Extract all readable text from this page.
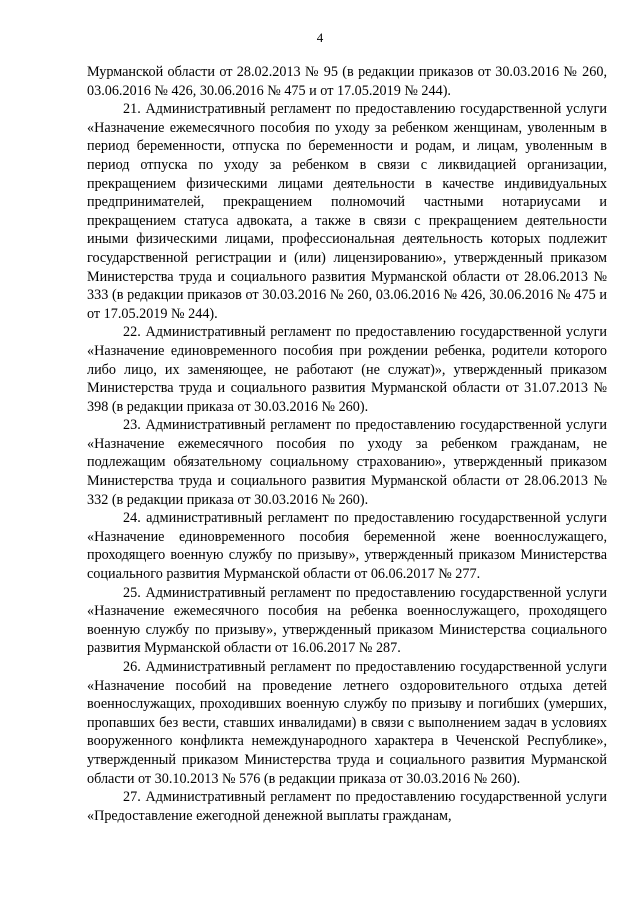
4

Мурманской области от 28.02.2013 № 95 (в редакции приказов от 30.03.2016 № 260, 03.06.2016 № 426, 30.06.2016 № 475 и от 17.05.2019 № 244).

21. Административный регламент по предоставлению государственной услуги «Назначение ежемесячного пособия по уходу за ребенком женщинам, уволенным в период беременности, отпуска по беременности и родам, и лицам, уволенным в период отпуска по уходу за ребенком в связи с ликвидацией организации, прекращением физическими лицами деятельности в качестве индивидуальных предпринимателей, прекращением полномочий частными нотариусами и прекращением статуса адвоката, а также в связи с прекращением деятельности иными физическими лицами, профессиональная деятельность которых подлежит государственной регистрации и (или) лицензированию», утвержденный приказом Министерства труда и социального развития Мурманской области от 28.06.2013 № 333 (в редакции приказов от 30.03.2016 № 260, 03.06.2016 № 426, 30.06.2016 № 475 и от 17.05.2019 № 244).

22. Административный регламент по предоставлению государственной услуги «Назначение единовременного пособия при рождении ребенка, родители которого либо лицо, их заменяющее, не работают (не служат)», утвержденный приказом Министерства труда и социального развития Мурманской области от 31.07.2013 № 398 (в редакции приказа от 30.03.2016 № 260).

23. Административный регламент по предоставлению государственной услуги «Назначение ежемесячного пособия по уходу за ребенком гражданам, не подлежащим обязательному социальному страхованию», утвержденный приказом Министерства труда и социального развития Мурманской области от 28.06.2013 № 332 (в редакции приказа от 30.03.2016 № 260).

24. административный регламент по предоставлению государственной услуги «Назначение единовременного пособия беременной жене военнослужащего, проходящего военную службу по призыву», утвержденный приказом Министерства социального развития Мурманской области от 06.06.2017 № 277.

25. Административный регламент по предоставлению государственной услуги «Назначение ежемесячного пособия на ребенка военнослужащего, проходящего военную службу по призыву», утвержденный приказом Министерства социального развития Мурманской области от 16.06.2017 № 287.

26. Административный регламент по предоставлению государственной услуги «Назначение пособий на проведение летнего оздоровительного отдыха детей военнослужащих, проходивших военную службу по призыву и погибших (умерших, пропавших без вести, ставших инвалидами) в связи с выполнением задач в условиях вооруженного конфликта немеждународного характера в Чеченской Республике», утвержденный приказом Министерства труда и социального развития Мурманской области от 30.10.2013 № 576 (в редакции приказа от 30.03.2016 № 260).

27. Административный регламент по предоставлению государственной услуги «Предоставление ежегодной денежной выплаты гражданам,
